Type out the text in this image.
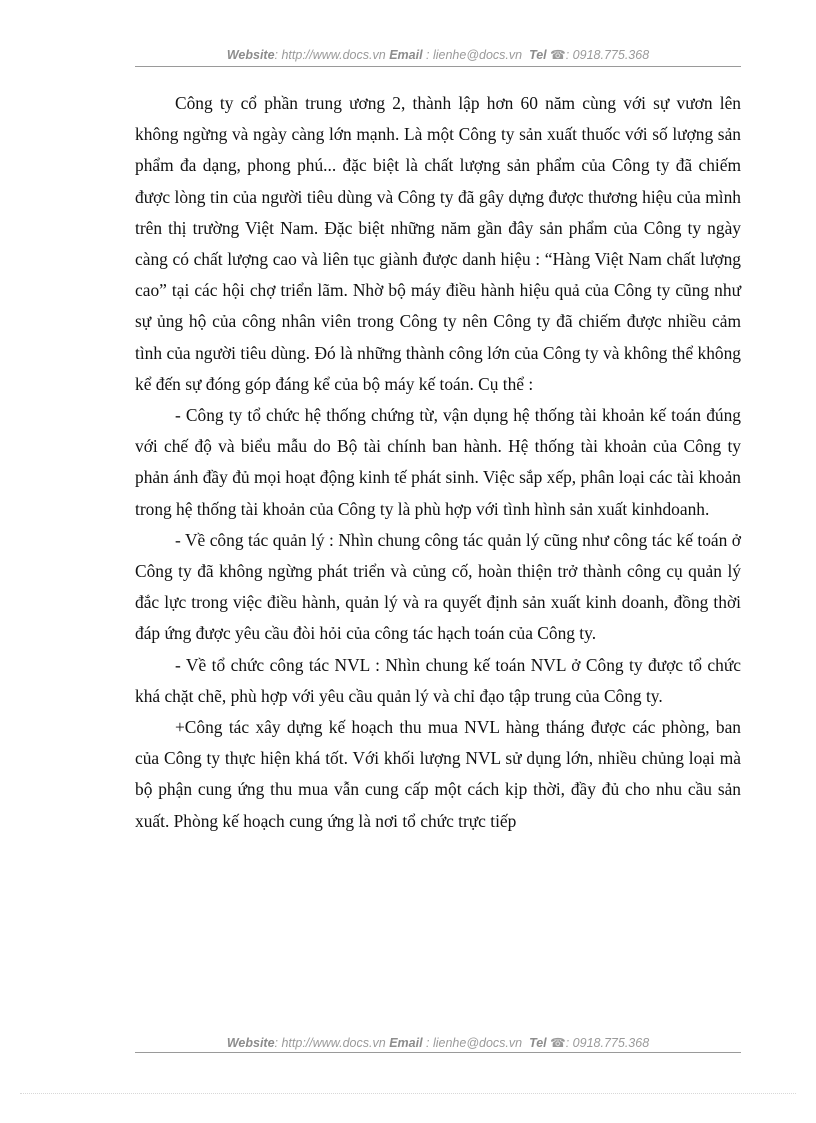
Website: http://www.docs.vn Email : lienhe@docs.vn Tel ☎: 0918.775.368

Công ty cổ phần trung ương 2, thành lập hơn 60 năm cùng với sự vươn lên không ngừng và ngày càng lớn mạnh. Là một Công ty sản xuất thuốc với số lượng sản phẩm đa dạng, phong phú... đặc biệt là chất lượng sản phẩm của Công ty đã chiếm được lòng tin của người tiêu dùng và Công ty đã gây dựng được thương hiệu của mình trên thị trường Việt Nam. Đặc biệt những năm gần đây sản phẩm của Công ty ngày càng có chất lượng cao và liên tục giành được danh hiệu : “Hàng Việt Nam chất lượng cao” tại các hội chợ triển lãm. Nhờ bộ máy điều hành hiệu quả của Công ty cũng như sự ủng hộ của công nhân viên trong Công ty nên Công ty đã chiếm được nhiều cảm tình của người tiêu dùng. Đó là những thành công lớn của Công ty và không thể không kể đến sự đóng góp đáng kể của bộ máy kế toán. Cụ thể :

- Công ty tổ chức hệ thống chứng từ, vận dụng hệ thống tài khoản kế toán đúng với chế độ và biểu mẫu do Bộ tài chính ban hành. Hệ thống tài khoản của Công ty phản ánh đầy đủ mọi hoạt động kinh tế phát sinh. Việc sắp xếp, phân loại các tài khoản trong hệ thống tài khoản của Công ty là phù hợp với tình hình sản xuất kinhdoanh.

- Về công tác quản lý : Nhìn chung công tác quản lý cũng như công tác kế toán ở Công ty đã không ngừng phát triển và củng cố, hoàn thiện trở thành công cụ quản lý đắc lực trong việc điều hành, quản lý và ra quyết định sản xuất kinh doanh, đồng thời đáp ứng được yêu cầu đòi hỏi của công tác hạch toán của Công ty.

- Về tổ chức công tác NVL : Nhìn chung kế toán NVL ở Công ty được tổ chức khá chặt chẽ, phù hợp với yêu cầu quản lý và chỉ đạo tập trung của Công ty.

+Công tác xây dựng kế hoạch thu mua NVL hàng tháng được các phòng, ban của Công ty thực hiện khá tốt. Với khối lượng NVL sử dụng lớn, nhiều chủng loại mà bộ phận cung ứng thu mua vẫn cung cấp một cách kịp thời, đầy đủ cho nhu cầu sản xuất. Phòng kế hoạch cung ứng là nơi tổ chức trực tiếp

Website: http://www.docs.vn Email : lienhe@docs.vn Tel ☎: 0918.775.368
